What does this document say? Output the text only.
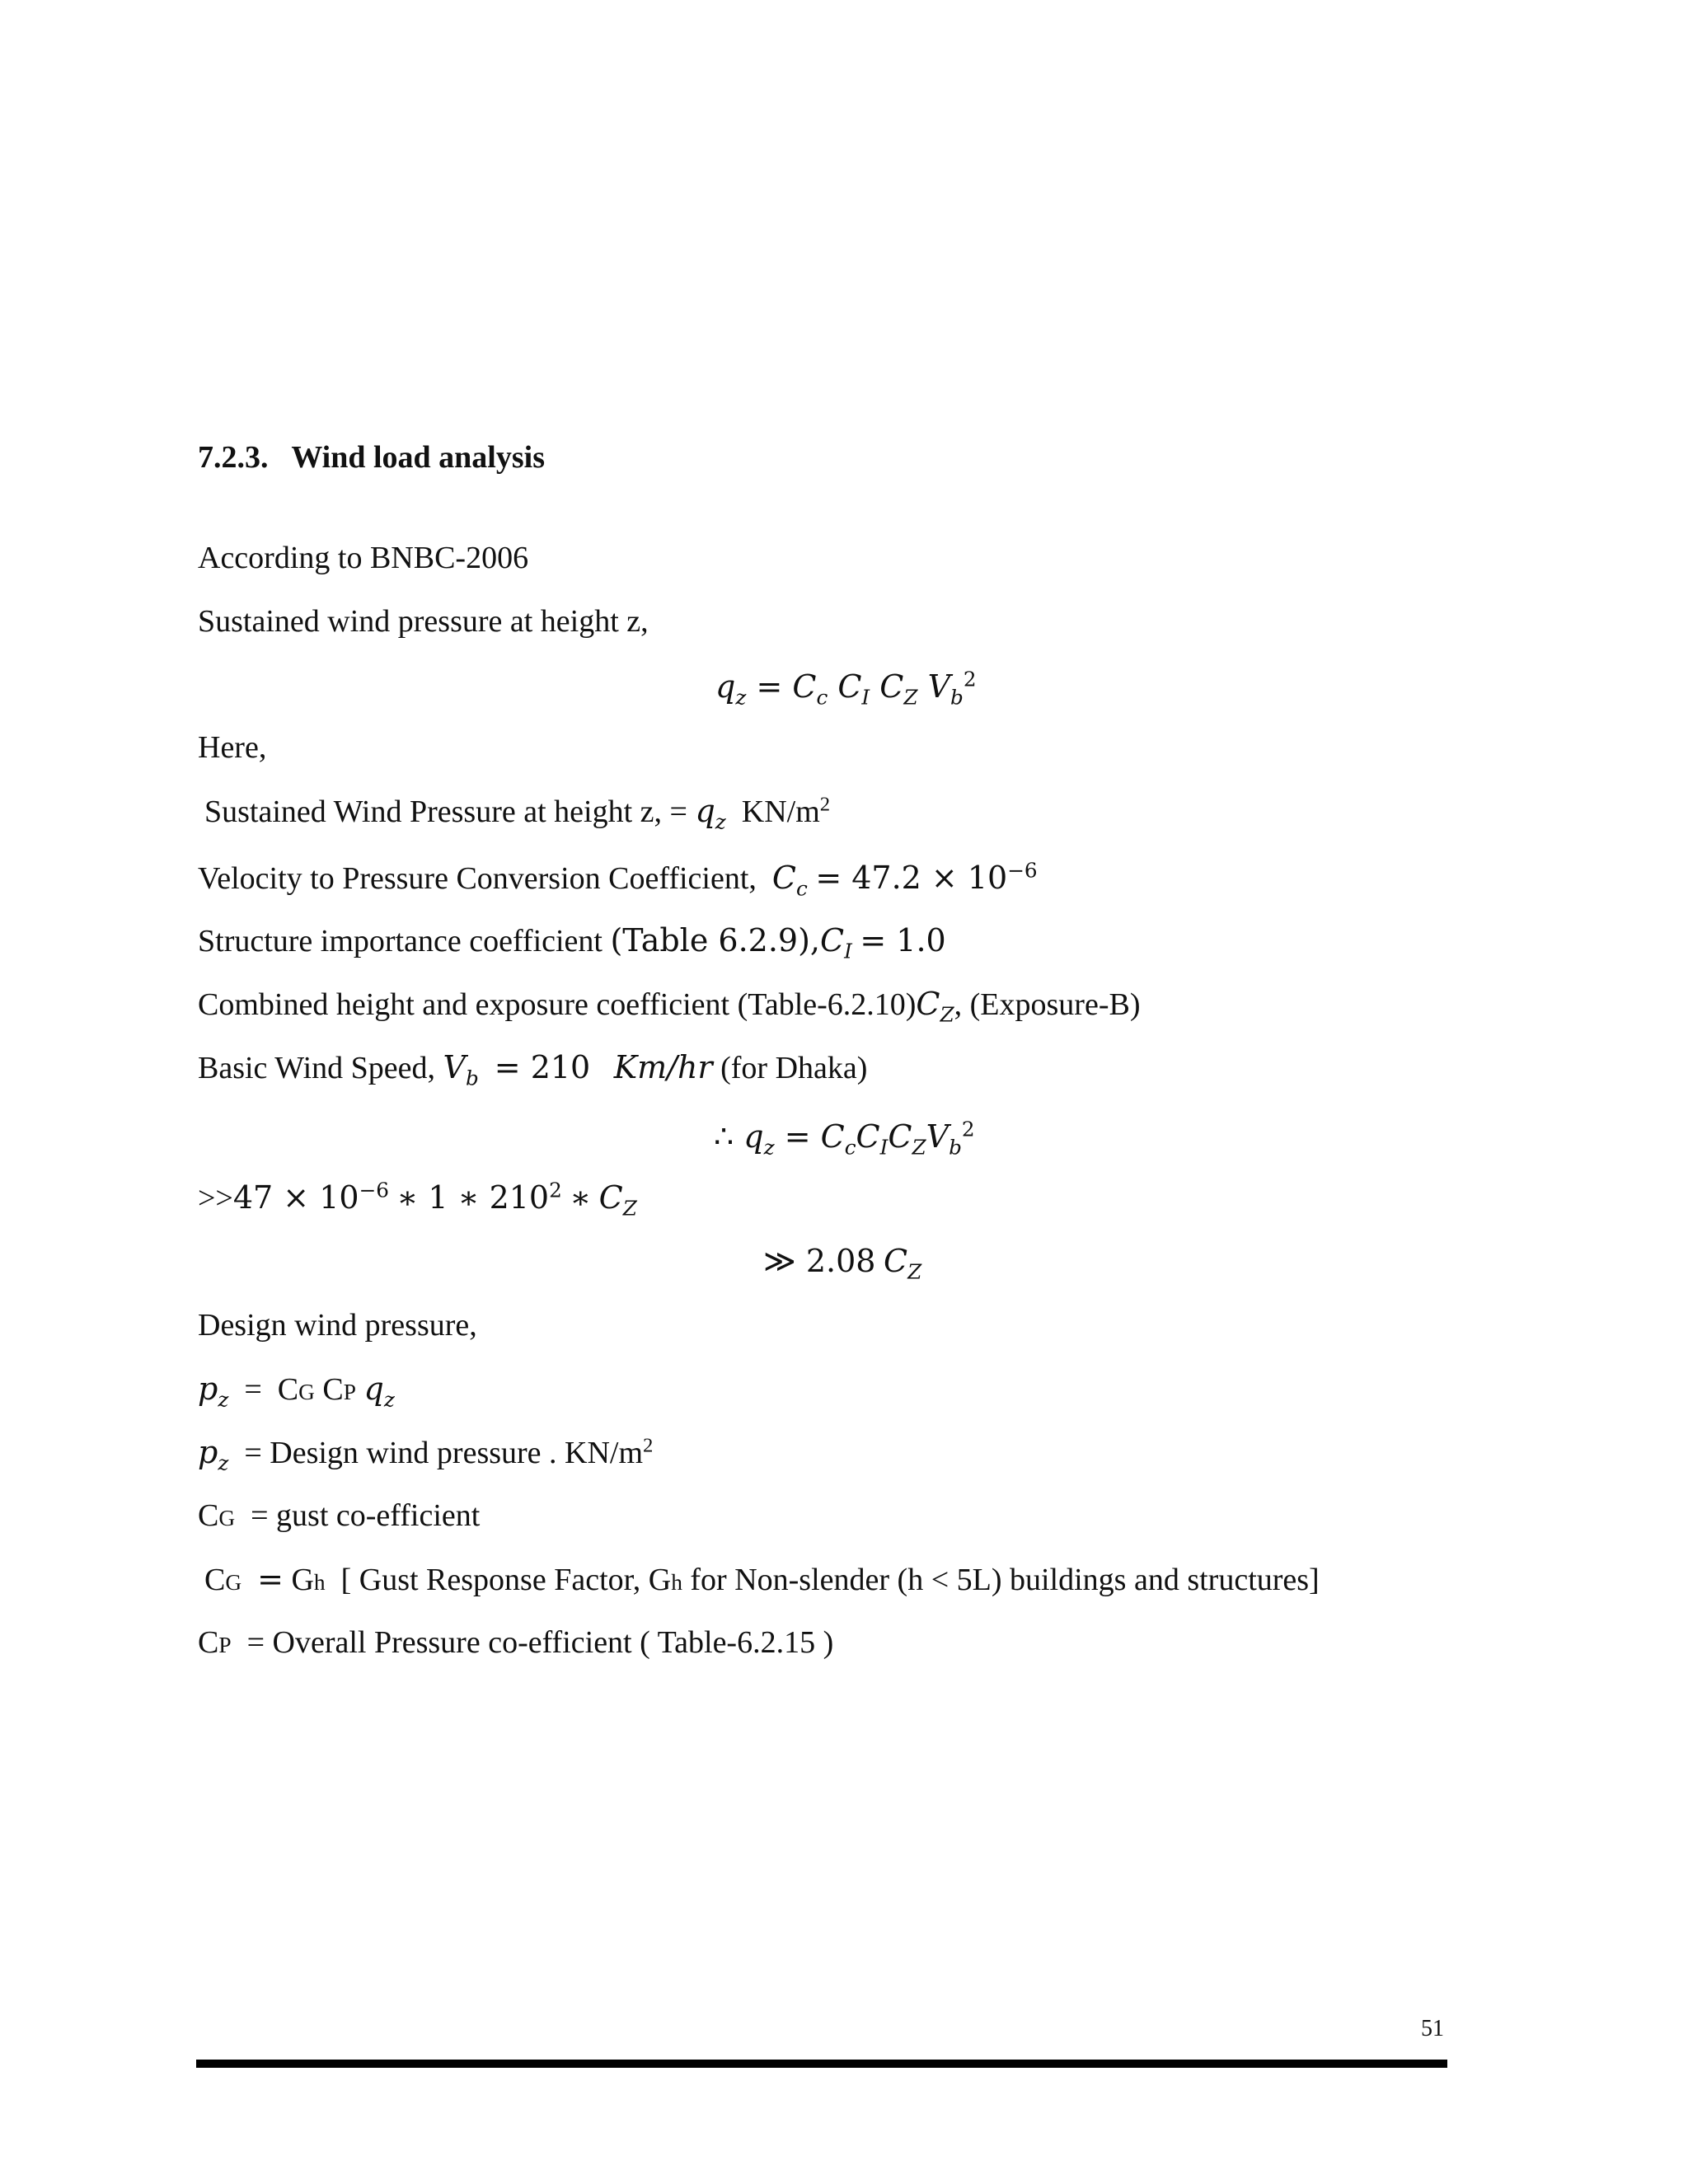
7.2.3. Wind load analysis
According to BNBC-2006
Sustained wind pressure at height z,
$q_z = C_c$ $C_I$ $C_Z$ $V_b^2$
Here,
Sustained Wind Pressure at height z, = $q_z$ $KN/m^2$
Velocity to Pressure Conversion Coefficient, $C_c = 47.2 \times 10^{-6}$
Structure importance coefficient (Table $6.2.9),C_I = 1.0$
Combined height and exposure coefficient $(Table-6.2.10)C_Z$, (Exposure-B)
Basic Wind Speed, $V_b = 210$ Km/hr (for Dhaka)
∴ $q_z = C_cC_IC_ZV_b^2$
$>>47 \times 10^{-6}$ ∗ 1 ∗ $210^2$ ∗ $C_Z$
≫ 2.08 $C_Z$
Design wind pressure,
$p_z$ =  CG CP $q_z$
$p_z$ = Design wind pressure . $KN/m^2$
CG = gust co-efficient
CG = Gh [ Gust Response Factor, Gh for Non-slender (h < 5L) buildings and structures]
CP = Overall Pressure co-efficient ( Table-6.2.15 )
51
